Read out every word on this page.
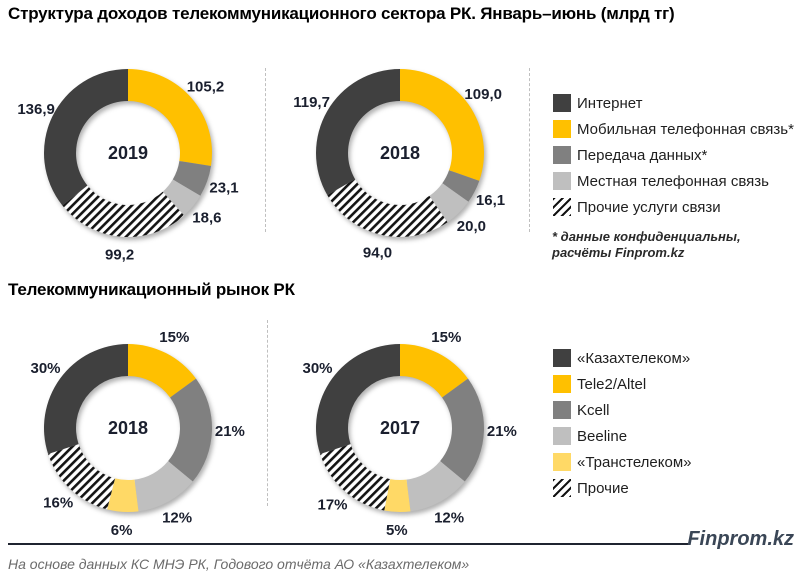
Структура доходов телекоммуникационного сектора РК. Январь–июнь (млрд тг)
105,2
23,1
18,6
99,2
136,9
2019
109,0
16,1
20,0
94,0
119,7
2018
Интернет
Мобильная телефонная связь*
Передача данных*
Местная телефонная связь
Прочие услуги связи
* данные конфиденциальны,
расчёты Finprom.kz
Телекоммуникационный рынок РК
15%
21%
12%
6%
16%
30%
2018
15%
21%
12%
5%
17%
30%
2017
«Казахтелеком»
Tele2/Altel
Kcell
Beeline
«Транстелеком»
Прочие
Finprom.kz
На основе данных КС МНЭ РК, Годового отчёта АО «Казахтелеком»
